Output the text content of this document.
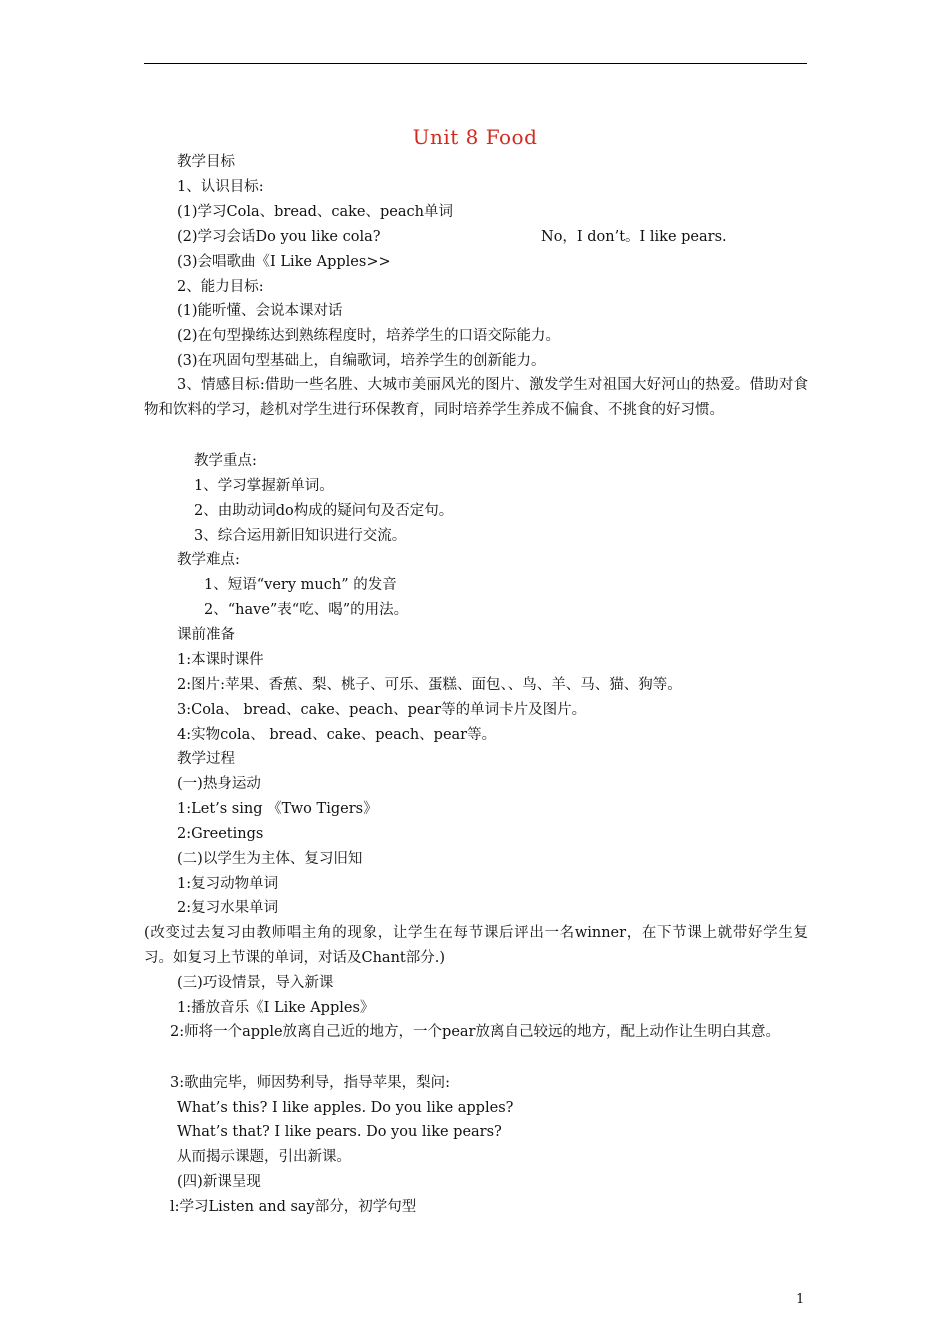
Unit 8 Food
教学目标
1、认识目标:
(1)学习Cola、bread、cake、peach单词
(2)学习会话Do you like cola?	No，I don’t。I like pears.
(3)会唱歌曲《I Like Apples>>
2、能力目标:
(1)能听懂、会说本课对话
(2)在句型操练达到熟练程度时，培养学生的口语交际能力。
(3)在巩固句型基础上，自编歌词，培养学生的创新能力。
3、情感目标:借助一些名胜、大城市美丽风光的图片、激发学生对祖国大好河山的热爱。借助对食物和饮料的学习，趁机对学生进行环保教育，同时培养学生养成不偏食、不挑食的好习惯。
教学重点:
1、学习掌握新单词。
2、由助动词do构成的疑问句及否定句。
3、综合运用新旧知识进行交流。
教学难点:
1、短语“very much” 的发音
2、“have”表“吃、喝”的用法。
课前准备
1:本课时课件
2:图片:苹果、香蕉、梨、桃子、可乐、蛋糕、面包、、鸟、羊、马、猫、狗等。
3:Cola、 bread、cake、peach、pear等的单词卡片及图片。
4:实物cola、 bread、cake、peach、pear等。
教学过程
(一)热身运动
1:Let’s sing 《Two Tigers》
2:Greetings
(二)以学生为主体、复习旧知
1:复习动物单词
2:复习水果单词
(改变过去复习由教师唱主角的现象，让学生在每节课后评出一名winner，在下节课上就带好学生复习。如复习上节课的单词，对话及Chant部分.)
(三)巧设情景，导入新课
1:播放音乐《I Like Apples》
2:师将一个apple放离自己近的地方，一个pear放离自己较远的地方，配上动作让生明白其意。
3:歌曲完毕，师因势利导，指导苹果，梨问:
What’s this? I like apples. Do you like apples?
What’s that? I like pears. Do you like pears?
从而揭示课题，引出新课。
(四)新课呈现
l:学习Listen and say部分，初学句型
1
